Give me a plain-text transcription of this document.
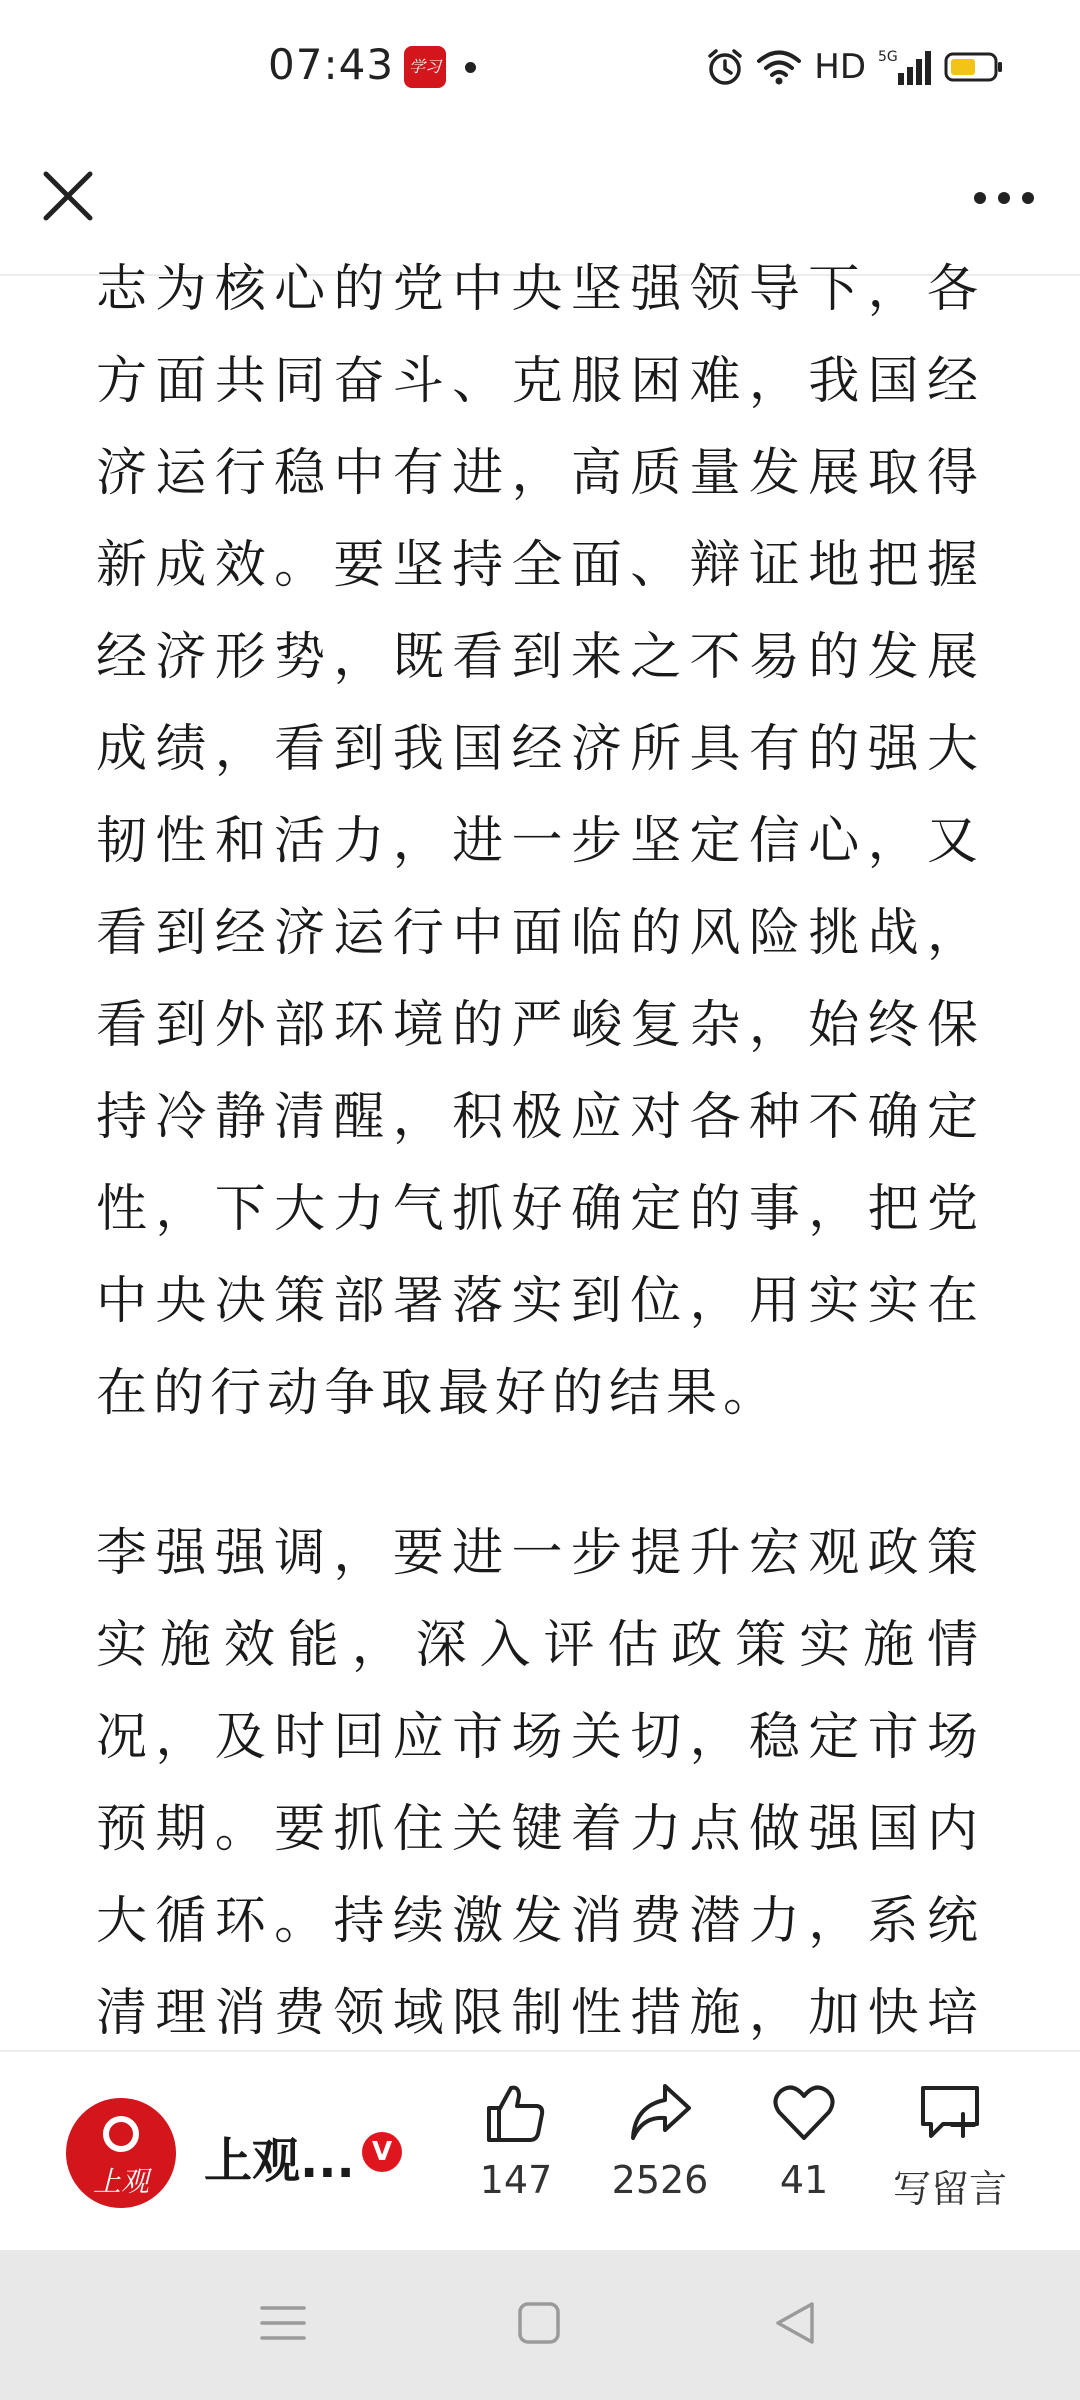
07:43 学习	HD 5G

志为核心的党中央坚强领导下，各方面共同奋斗、克服困难，我国经济运行稳中有进，高质量发展取得新成效。要坚持全面、辩证地把握经济形势，既看到来之不易的发展成绩，看到我国经济所具有的强大韧性和活力，进一步坚定信心，又看到经济运行中面临的风险挑战，看到外部环境的严峻复杂，始终保持冷静清醒，积极应对各种不确定性，下大力气抓好确定的事，把党中央决策部署落实到位，用实实在在的行动争取最好的结果。

李强强调，要进一步提升宏观政策实施效能，深入评估政策实施情况，及时回应市场关切，稳定市场预期。要抓住关键着力点做强国内大循环。持续激发消费潜力，系统清理消费领域限制性措施，加快培

上观	上观... V
147	2526	41	写留言
